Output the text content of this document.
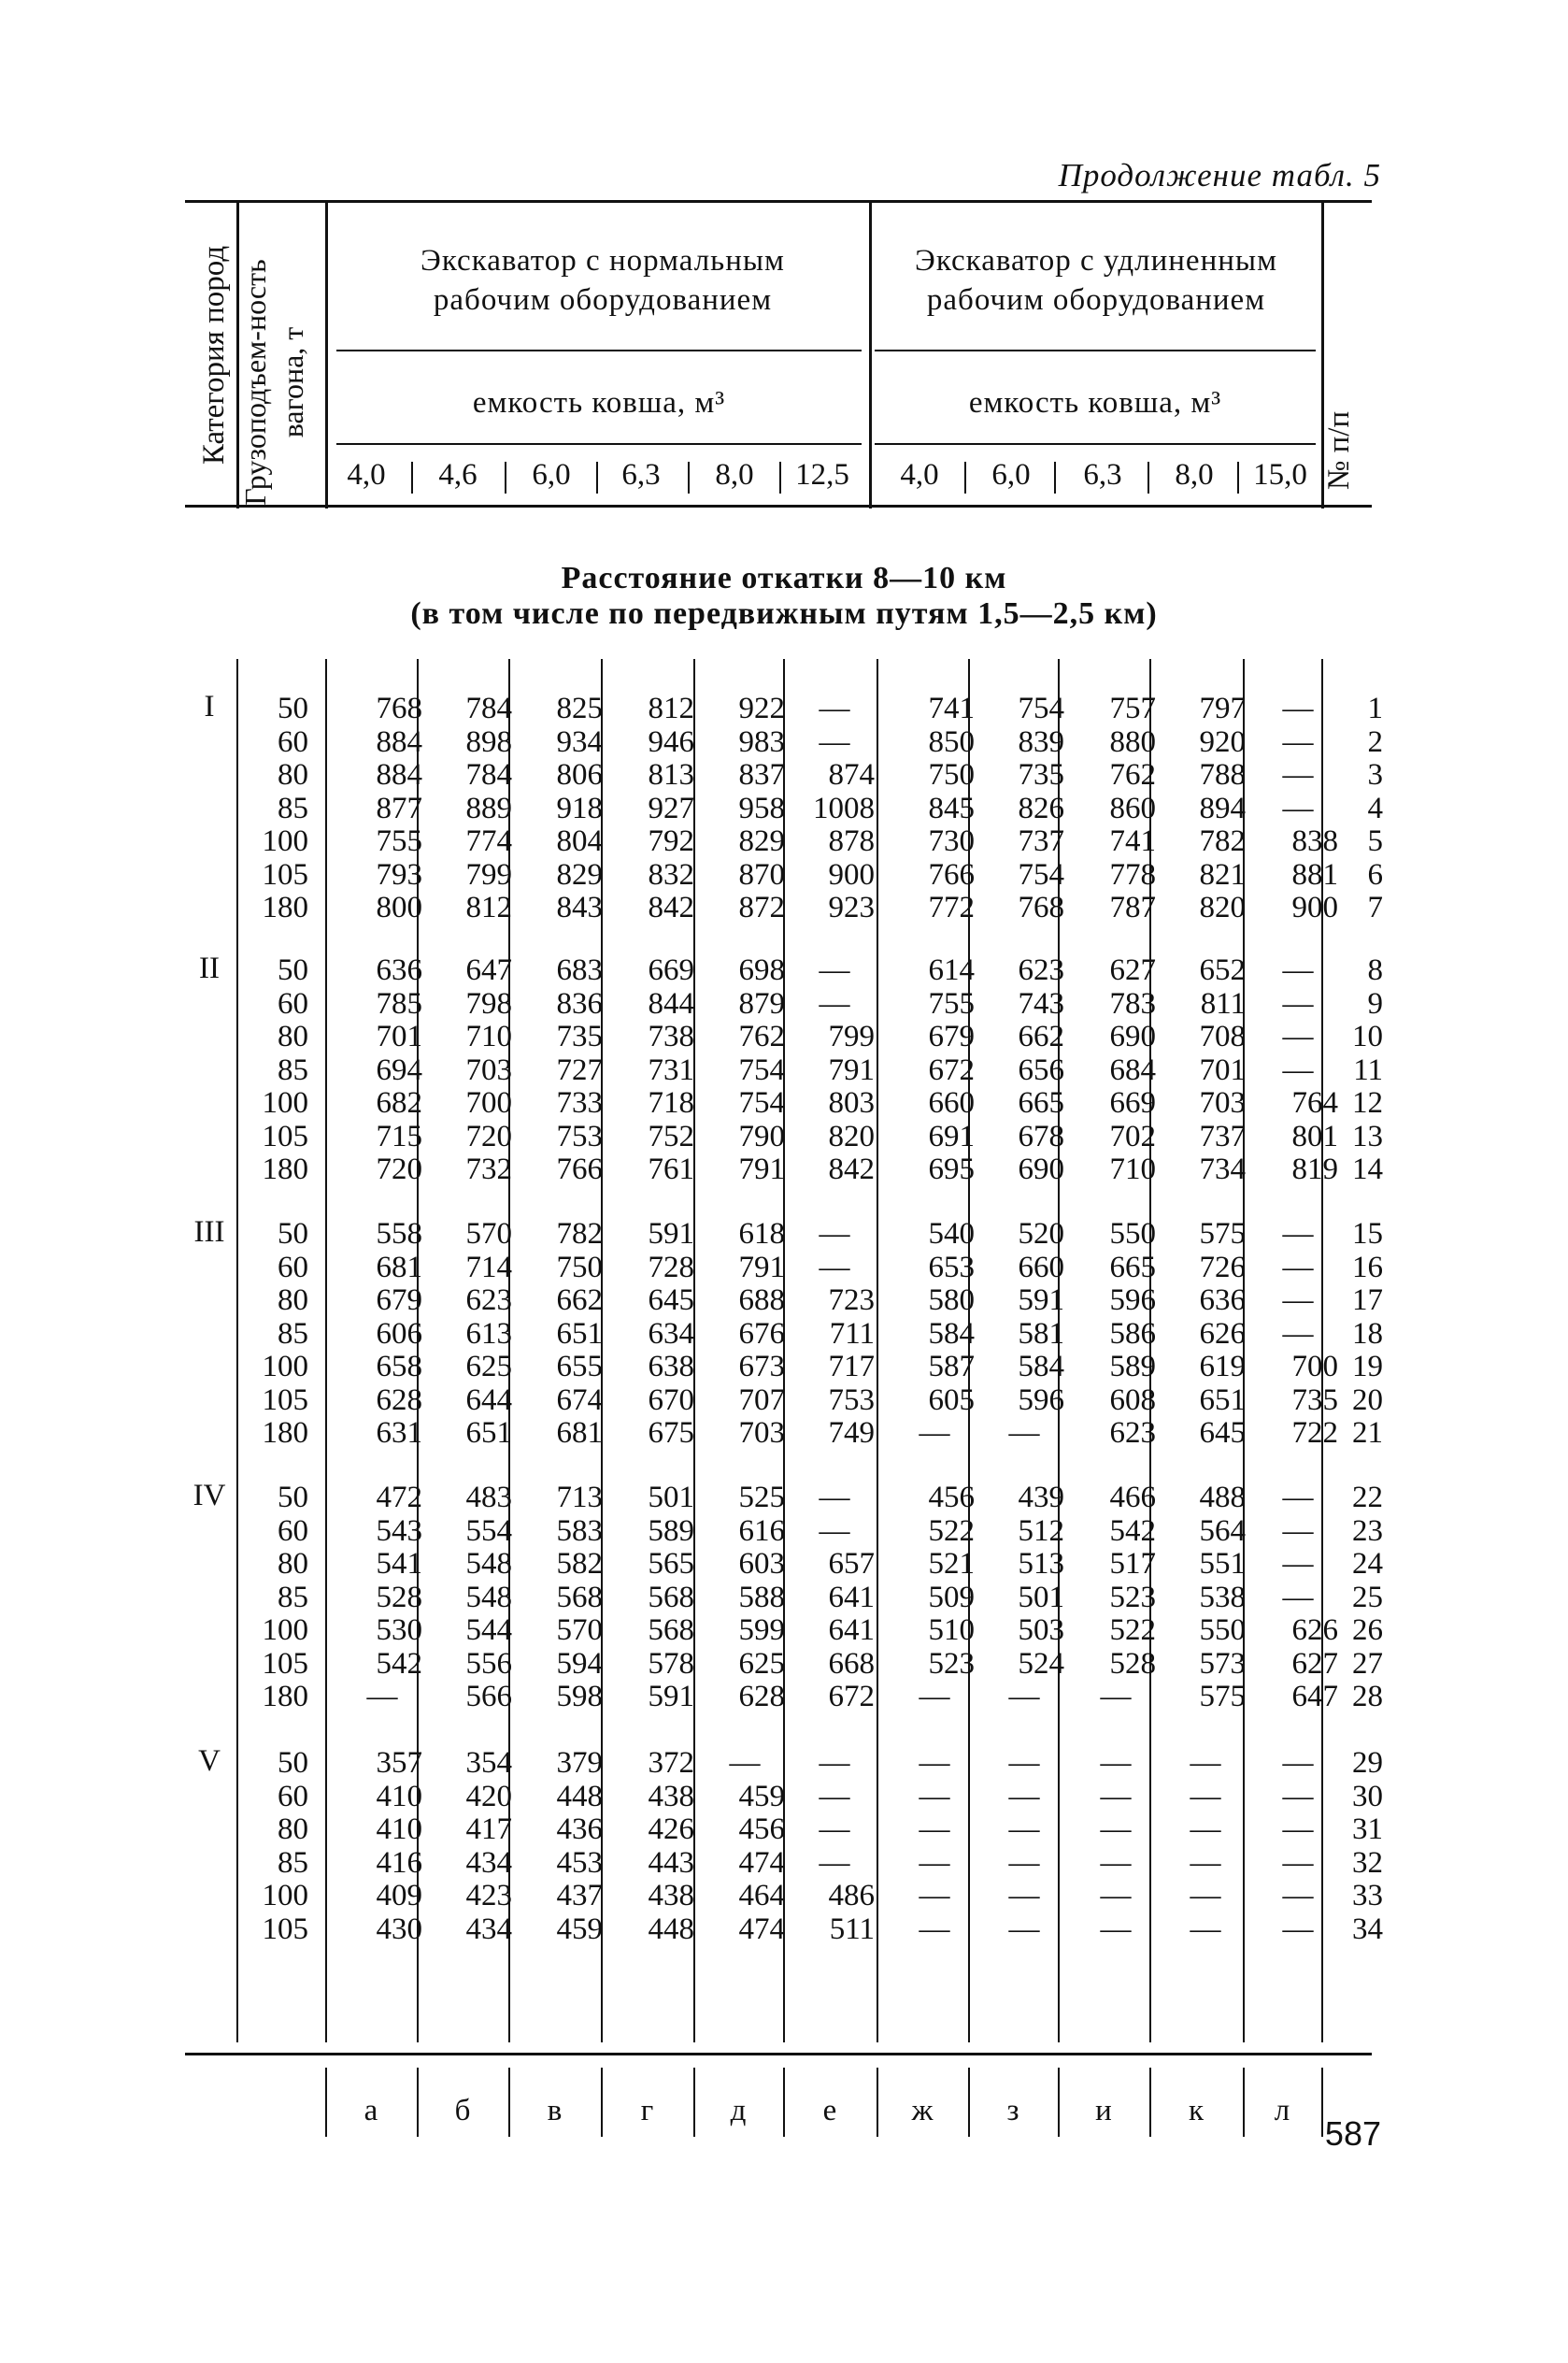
Продолжение табл. 5
Категория пород Грузоподъем-ность вагона, т
№ п/п
Экскаватор с нормальным рабочим оборудованием
Экскаватор с удлиненным рабочим оборудованием
емкость ковша, м³	емкость ковша, м³
4,0	4,6	6,0	6,3	8,0	12,5	4,0	6,0	6,3	8,0	15,0
Расстояние откатки 8—10 км
(в том числе по передвижным путям 1,5—2,5 км)
I	50	768	784	825	812	922	—	741	754	757	797	—	1
60	884	898	934	946	983	—	850	839	880	920	—	2
80	884	784	806	813	837	874	750	735	762	788	—	3
85	877	889	918	927	958 1008	845	826	860	894	—	4
100	755	774	804	792	829	878	730	737	741	782	838 5
105	793	799	829	832	870	900	766	754	778	821	881 6
180	800	812	843	842	872	923	772	768	787	820	900 7
II	50	636	647	683	669	698	—	614	623	627	652	—	8
60	785	798	836	844	879	—	755	743	783	811	—	9
80	701	710	735	738	762	799	679	662	690	708	—	10
85	694	703	727	731	754	791	672	656	684	701	—	11
100	682	700	733	718	754	803	660	665	669	703	764 12
105	715	720	753	752	790	820	691	678	702	737	801 13
180	720	732	766	761	791	842	695	690	710	734	819 14
III	50	558	570	782	591	618	—	540	520	550	575	—	15
60	681	714	750	728	791	—	653	660	665	726	—	16
80	679	623	662	645	688	723	580	591	596	636	—	17
85	606	613	651	634	676	711	584	581	586	626	—	18
100	658	625	655	638	673	717	587	584	589	619	700 19
105	628	644	674	670	707	753	605	596	608	651	735 20
180	631	651	681	675	703	749	—	—	623	645	722 21
IV	50	472	483	713	501	525	—	456	439	466	488	—	22
60	543	554	583	589	616	—	522	512	542	564	—	23
80	541	548	582	565	603	657	521	513	517	551	—	24
85	528	548	568	568	588	641	509	501	523	538	—	25
100	530	544	570	568	599	641	510	503	522	550	626 26
105	542	556	594	578	625	668	523	524	528	573	627 27
180	—	566	598	591	628	672	—	—	—	575	647 28
V	50	357	354	379	372	—	—	—	—	—	—	—	29
60	410	420	448	438	459	—	—	—	—	—	—	30
80	410	417	436	426	456	—	—	—	—	—	—	31
85	416	434	453	443	474	—	—	—	—	—	—	32
100	409	423	437	438	464	486	—	—	—	—	—	33
105	430	434	459	448	474	511	—	—	—	—	—	34
а	б	в	г	д	е	ж	з	и	к	л
587
